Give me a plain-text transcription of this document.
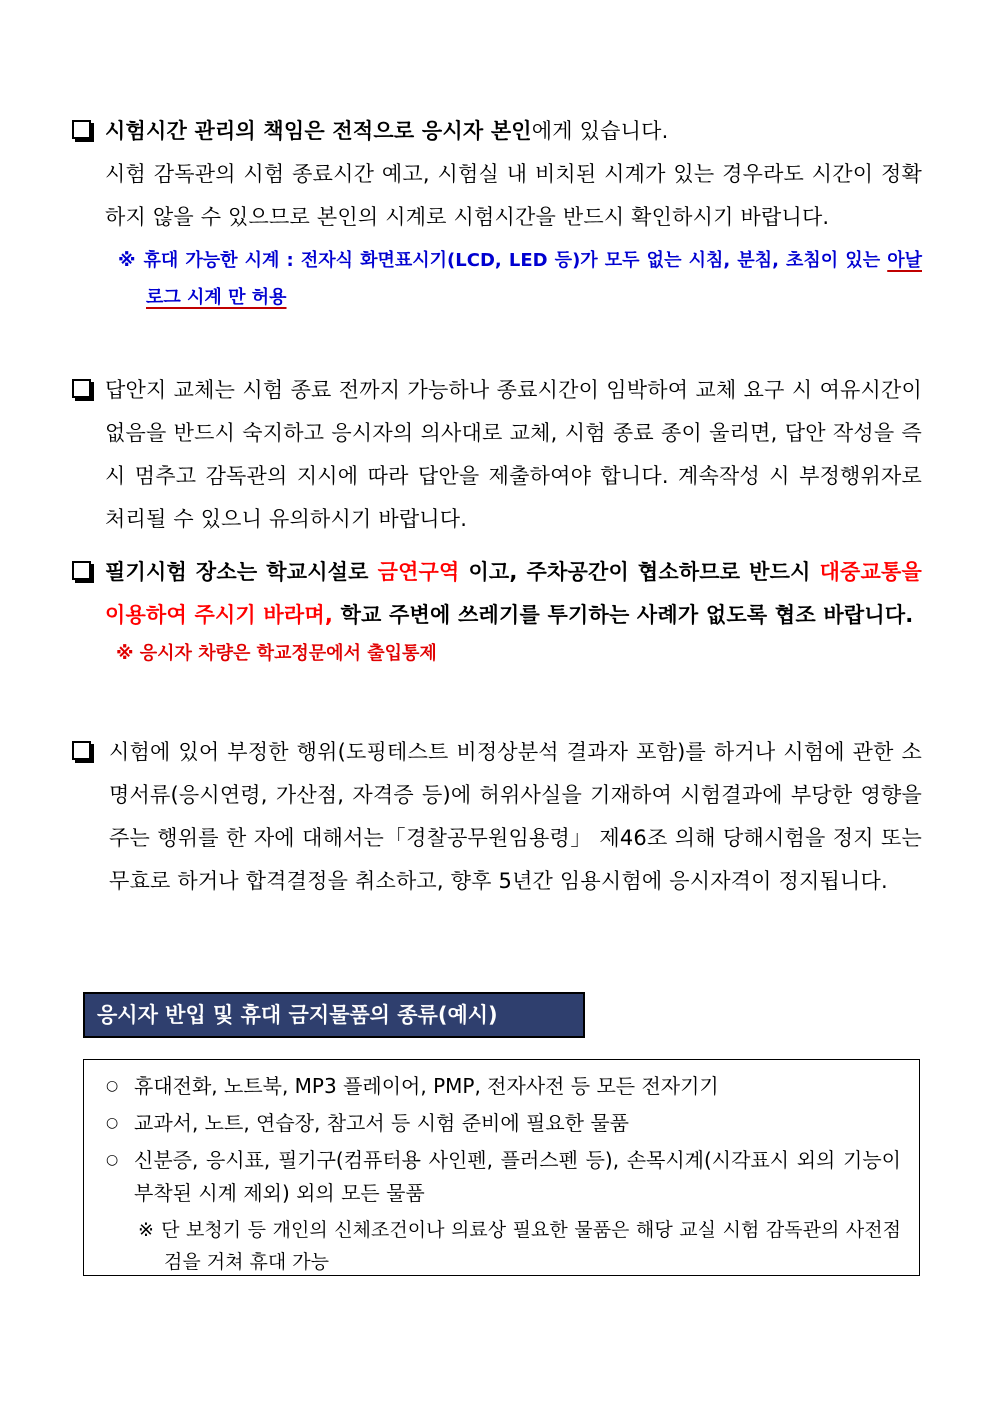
시험시간 관리의 책임은 전적으로 응시자 본인에게 있습니다.
시험 감독관의 시험 종료시간 예고, 시험실 내 비치된 시계가 있는 경우라도 시간이 정확하지 않을 수 있으므로 본인의 시계로 시험시간을 반드시 확인하시기 바랍니다.
※ 휴대 가능한 시계 : 전자식 화면표시기(LCD, LED 등)가 모두 없는 시침, 분침, 초침이 있는 아날로그 시계 만 허용
답안지 교체는 시험 종료 전까지 가능하나 종료시간이 임박하여 교체 요구 시 여유시간이 없음을 반드시 숙지하고 응시자의 의사대로 교체, 시험 종료 종이 울리면, 답안 작성을 즉시 멈추고 감독관의 지시에 따라 답안을 제출하여야 합니다. 계속작성 시 부정행위자로 처리될 수 있으니 유의하시기 바랍니다.
필기시험 장소는 학교시설로 금연구역 이고, 주차공간이 협소하므로 반드시 대중교통을 이용하여 주시기 바라며, 학교 주변에 쓰레기를 투기하는 사례가 없도록 협조 바랍니다.
※ 응시자 차량은 학교정문에서 출입통제
시험에 있어 부정한 행위(도핑테스트 비정상분석 결과자 포함)를 하거나 시험에 관한 소명서류(응시연령, 가산점, 자격증 등)에 허위사실을 기재하여 시험결과에 부당한 영향을 주는 행위를 한 자에 대해서는「경찰공무원임용령」 제46조 의해 당해시험을 정지 또는 무효로 하거나 합격결정을 취소하고, 향후 5년간 임용시험에 응시자격이 정지됩니다.
응시자 반입 및 휴대 금지물품의 종류(예시)
○ 휴대전화, 노트북, MP3 플레이어, PMP, 전자사전 등 모든 전자기기
○ 교과서, 노트, 연습장, 참고서 등 시험 준비에 필요한 물품
○ 신분증, 응시표, 필기구(컴퓨터용 사인펜, 플러스펜 등), 손목시계(시각표시 외의 기능이 부착된 시계 제외) 외의 모든 물품
※ 단 보청기 등 개인의 신체조건이나 의료상 필요한 물품은 해당 교실 시험 감독관의 사전점검을 거쳐 휴대 가능
